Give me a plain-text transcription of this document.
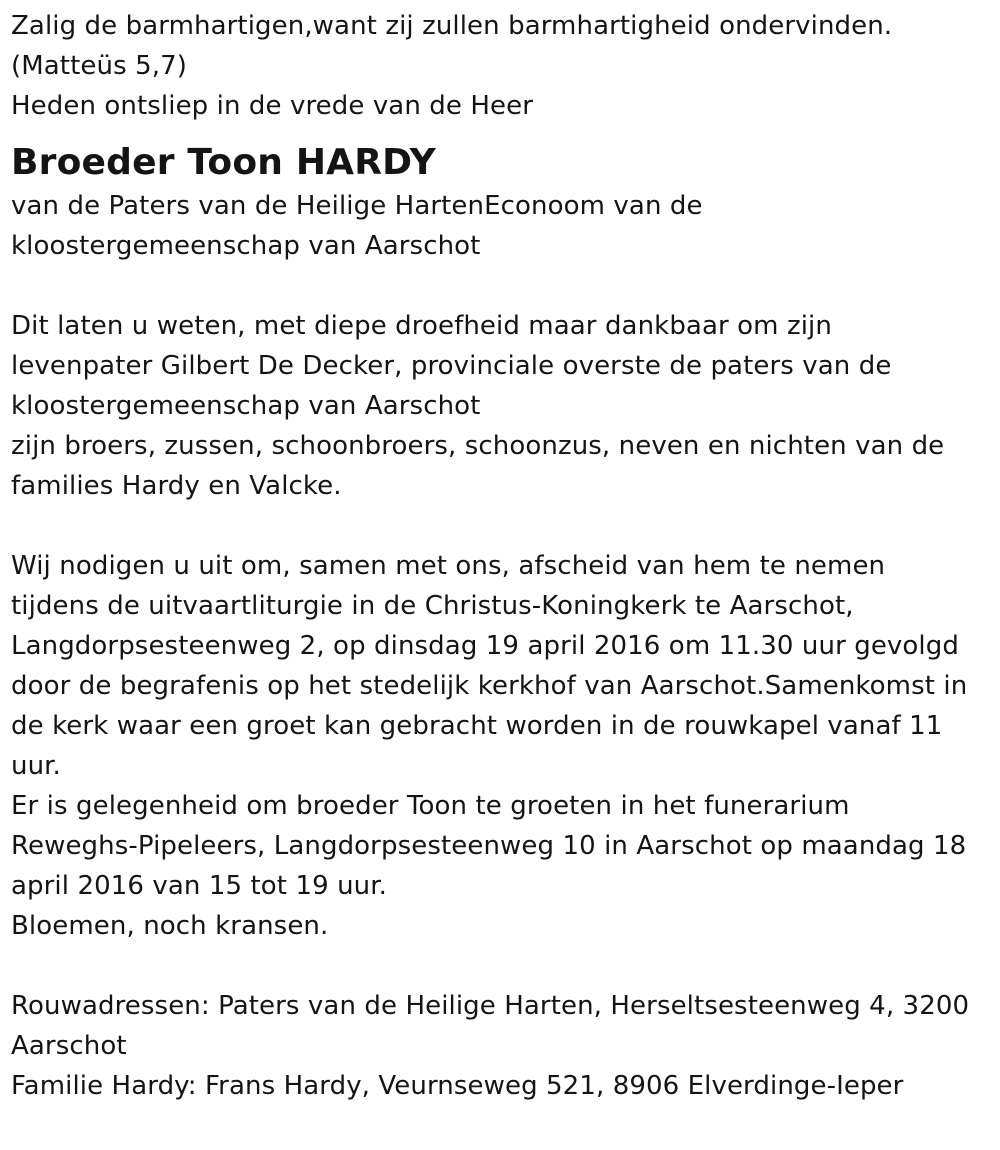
Zalig de barmhartigen,want zij zullen barmhartigheid ondervinden.
(Matteüs 5,7)
Heden ontsliep in de vrede van de Heer
Broeder Toon HARDY
van de Paters van de Heilige HartenEconoom van de
kloostergemeenschap van Aarschot
Dit laten u weten, met diepe droefheid maar dankbaar om zijn
levenpater Gilbert De Decker, provinciale overste de paters van de
kloostergemeenschap van Aarschot
zijn broers, zussen, schoonbroers, schoonzus, neven en nichten van de
families Hardy en Valcke.
Wij nodigen u uit om, samen met ons, afscheid van hem te nemen
tijdens de uitvaartliturgie in de Christus-Koningkerk te Aarschot,
Langdorpsesteenweg 2, op dinsdag 19 april 2016 om 11.30 uur gevolgd
door de begrafenis op het stedelijk kerkhof van Aarschot.Samenkomst in
de kerk waar een groet kan gebracht worden in de rouwkapel vanaf 11
uur.
Er is gelegenheid om broeder Toon te groeten in het funerarium
Reweghs-Pipeleers, Langdorpsesteenweg 10 in Aarschot op maandag 18
april 2016 van 15 tot 19 uur.
Bloemen, noch kransen.
Rouwadressen: Paters van de Heilige Harten, Herseltsesteenweg 4, 3200
Aarschot
Familie Hardy: Frans Hardy, Veurnseweg 521, 8906 Elverdinge-Ieper
